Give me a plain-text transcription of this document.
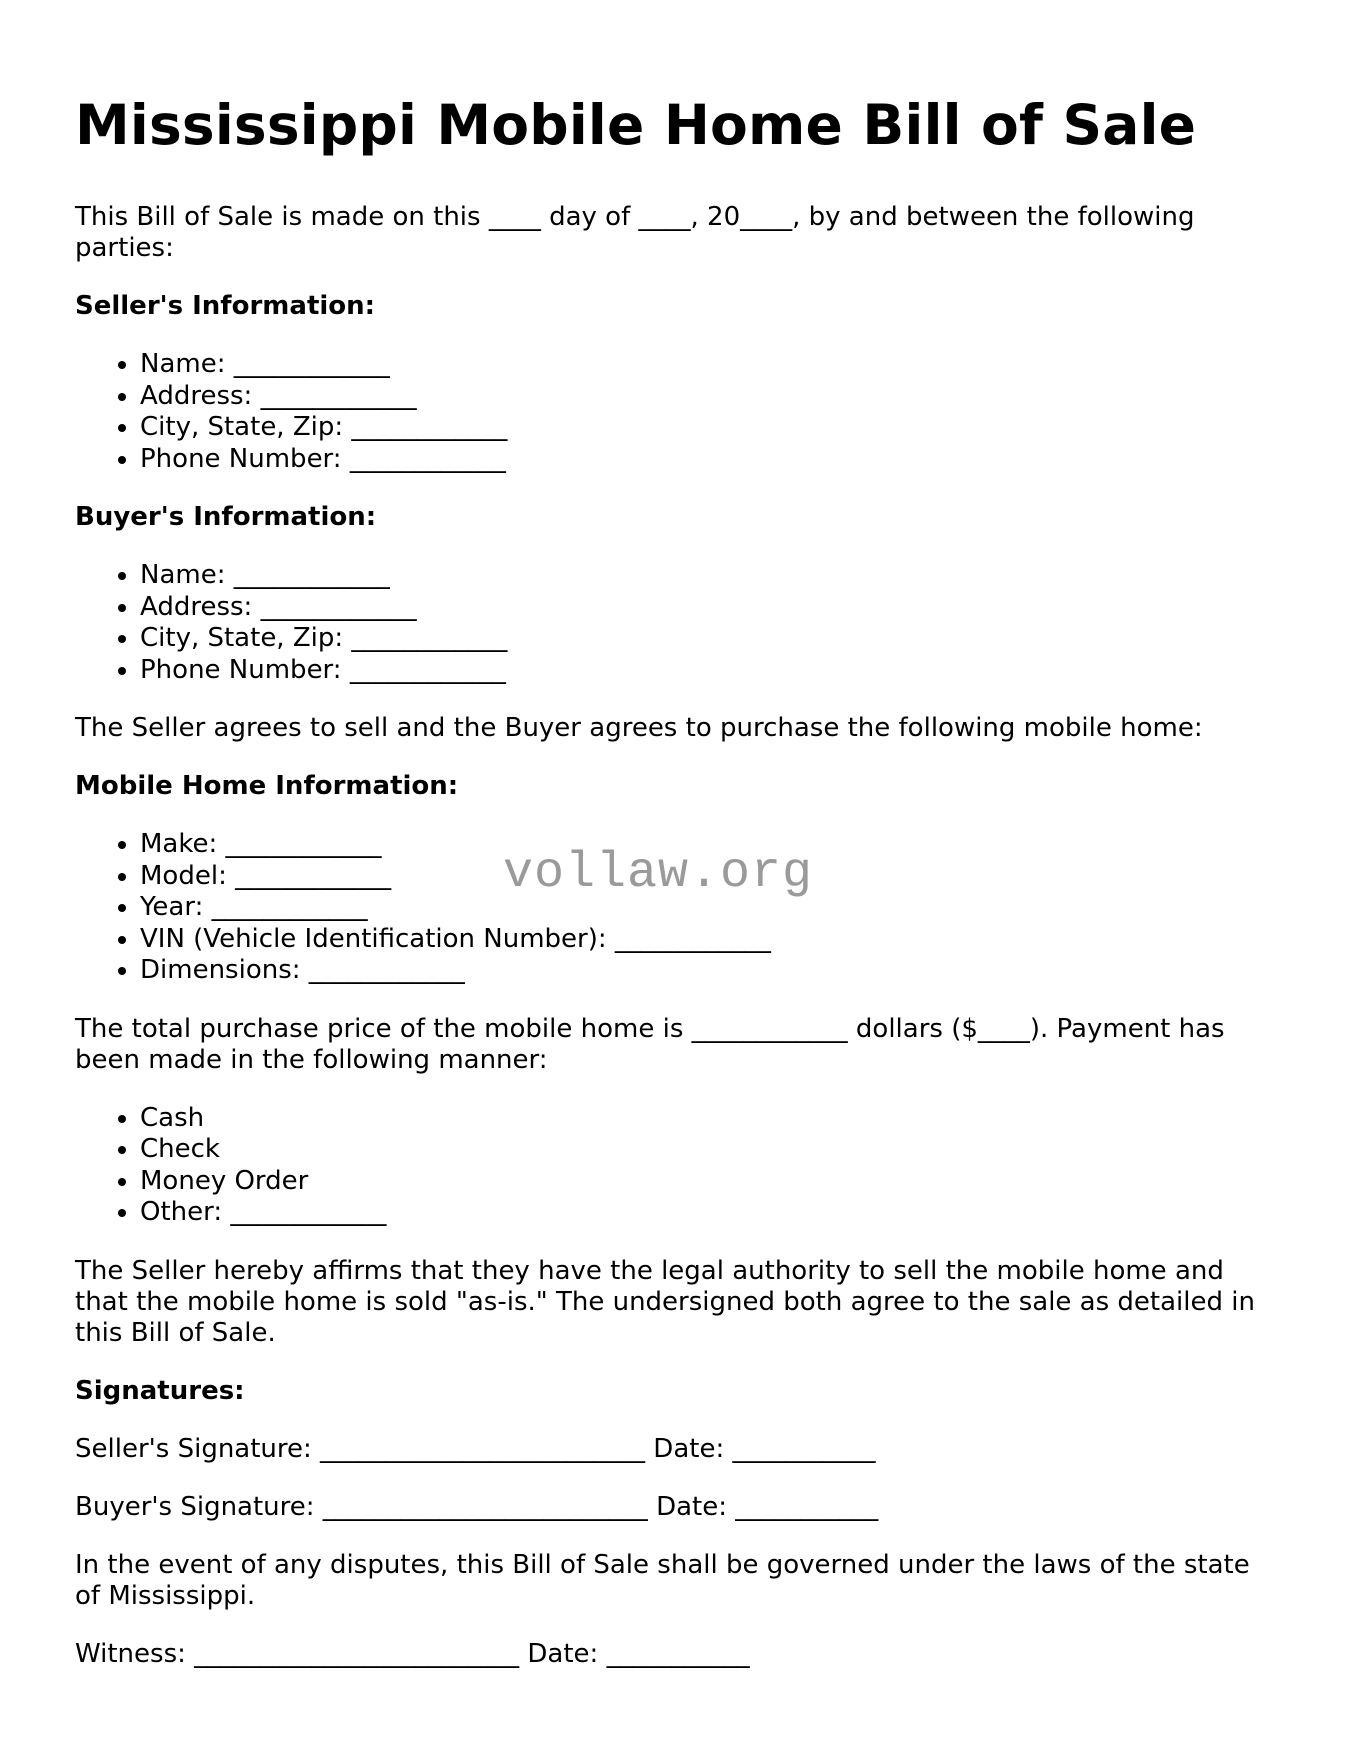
Mississippi Mobile Home Bill of Sale

This Bill of Sale is made on this ____ day of ____, 20____, by and between the following parties:

Seller's Information:
• Name: ____________
• Address: ____________
• City, State, Zip: ____________
• Phone Number: ____________
Buyer's Information:
• Name: ____________
• Address: ____________
• City, State, Zip: ____________
• Phone Number: ____________

The Seller agrees to sell and the Buyer agrees to purchase the following mobile home:

Mobile Home Information:
• Make: ____________
• Model: ____________
• Year: ____________
• VIN (Vehicle Identification Number): ____________
• Dimensions: ____________

The total purchase price of the mobile home is ____________ dollars ($____). Payment has been made in the following manner:

• Cash
• Check
• Money Order
• Other: ____________

The Seller hereby affirms that they have the legal authority to sell the mobile home and that the mobile home is sold "as-is." The undersigned both agree to the sale as detailed in this Bill of Sale.

Signatures:

Seller's Signature: _________________________ Date: ___________

Buyer's Signature: _________________________ Date: ___________

In the event of any disputes, this Bill of Sale shall be governed under the laws of the state of Mississippi.

Witness: _________________________ Date: ___________

vollaw.org
